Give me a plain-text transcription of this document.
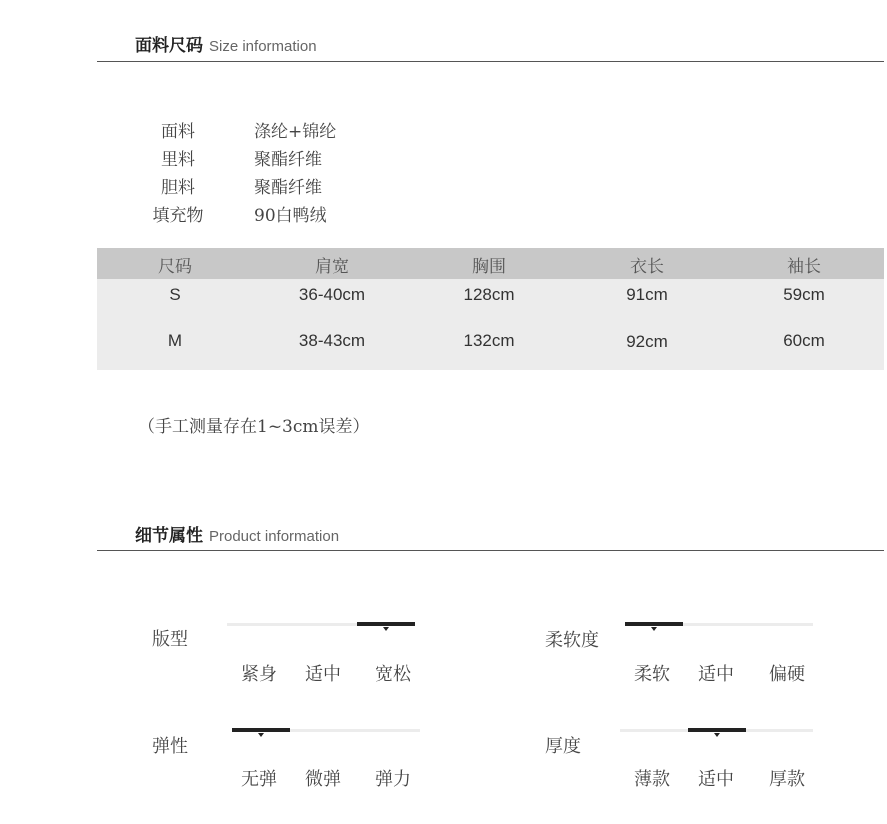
面料尺码 Size information
面料	涤纶+锦纶
里料	聚酯纤维
胆料	聚酯纤维
填充物	90白鸭绒
尺码	肩宽	胸围	衣长	袖长
S	36-40cm	128cm	91cm	59cm
M	38-43cm	132cm	92cm	60cm
（手工测量存在1~3cm误差）
细节属性 Product information
版型
紧身	适中	宽松
柔软度
柔软	适中	偏硬
弹性
无弹	微弹	弹力
厚度
薄款	适中	厚款
